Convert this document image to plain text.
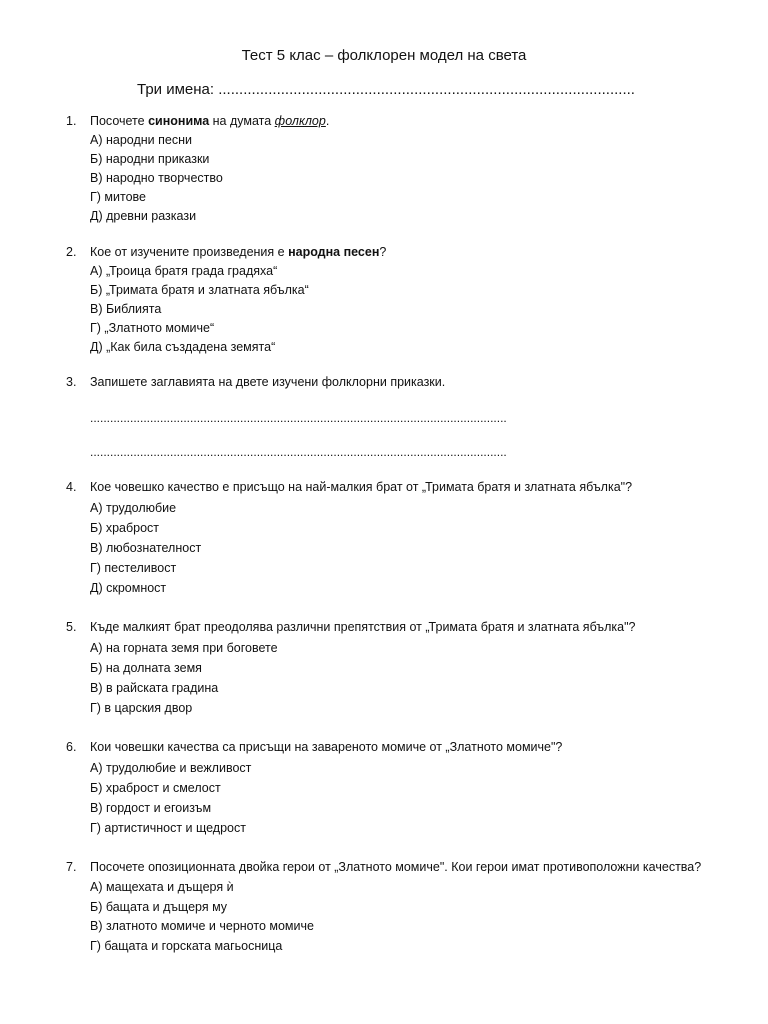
Тест 5 клас – фолклорен модел на света
Три имена: ....................................................................................................
1.	Посочете синонима на думата фолклор.
А) народни песни
Б) народни приказки
В) народно творчество
Г) митове
Д) древни разкази
2.	Кое от изучените произведения е народна песен?
А) „Троица братя града градяха“
Б) „Тримата братя и златната ябълка“
В) Библията
Г) „Златното момиче“
Д) „Как била създадена земята“
3.	Запишете заглавията на двете изучени фолклорни приказки.
.............................................................................................................................
.............................................................................................................................
4.	Кое човешко качество е присъщо на най-малкия брат от „Тримата братя и златната ябълка"?
А) трудолюбие
Б) храброст
В) любознателност
Г) пестеливост
Д) скромност
5.	Къде малкият брат преодолява различни препятствия от „Тримата братя и златната ябълка"?
А) на горната земя при боговете
Б) на долната земя
В) в райската градина
Г) в царския двор
6.	Кои човешки качества са присъщи на завареното момиче от „Златното момиче"?
А) трудолюбие и вежливост
Б) храброст и смелост
В) гордост и егоизъм
Г) артистичност и щедрост
7.	Посочете опозиционната двойка герои от „Златното момиче". Кои герои имат противоположни качества?
А) мащехата и дъщеря ѝ
Б) бащата и дъщеря му
В) златното момиче и черното момиче
Г) бащата и горската магьосница
